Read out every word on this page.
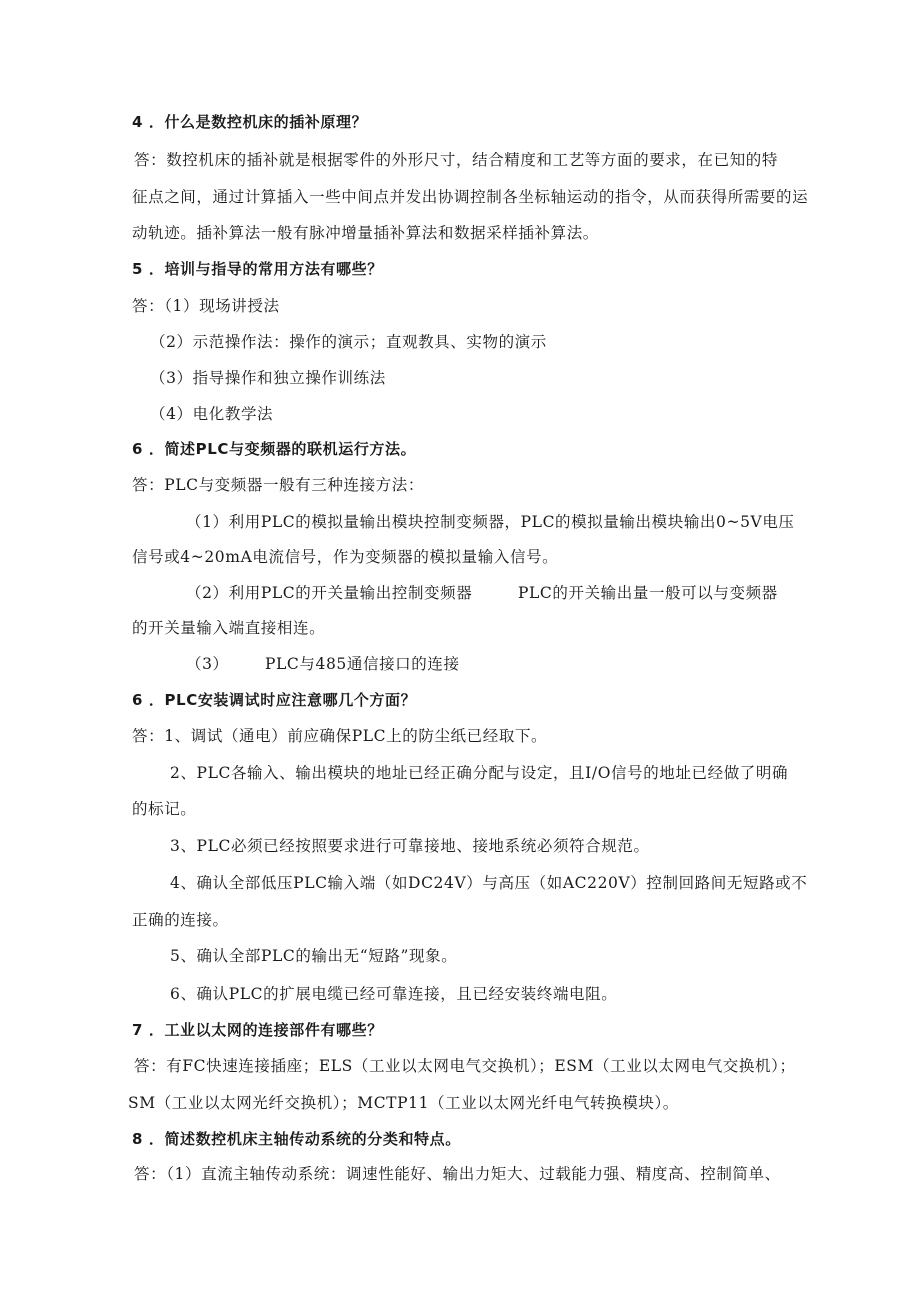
4 ．什么是数控机床的插补原理？
答：数控机床的插补就是根据零件的外形尺寸，结合精度和工艺等方面的要求，在已知的特
征点之间，通过计算插入一些中间点并发出协调控制各坐标轴运动的指令，从而获得所需要的运
动轨迹。插补算法一般有脉冲增量插补算法和数据采样插补算法。
5 ．培训与指导的常用方法有哪些？
答：（1）现场讲授法
（2）示范操作法：操作的演示；直观教具、实物的演示
（3）指导操作和独立操作训练法
（4）电化教学法
6 ．简述PLC与变频器的联机运行方法。
答：PLC与变频器一般有三种连接方法：
（1）利用PLC的模拟量输出模块控制变频器，PLC的模拟量输出模块输出0~5V电压
信号或4~20mA电流信号，作为变频器的模拟量输入信号。
（2）利用PLC的开关量输出控制变频器	PLC的开关输出量一般可以与变频器
的开关量输入端直接相连。
（3） PLC与485通信接口的连接
6 ．PLC安装调试时应注意哪几个方面？
答：1、调试（通电）前应确保PLC上的防尘纸已经取下。
2、PLC各输入、输出模块的地址已经正确分配与设定，且I/O信号的地址已经做了明确
的标记。
3、PLC必须已经按照要求进行可靠接地、接地系统必须符合规范。
4、确认全部低压PLC输入端（如DC24V）与高压（如AC220V）控制回路间无短路或不
正确的连接。
5、确认全部PLC的输出无“短路”现象。
6、确认PLC的扩展电缆已经可靠连接，且已经安装终端电阻。
7 ．工业以太网的连接部件有哪些？
答：有FC快速连接插座；ELS（工业以太网电气交换机）；ESM（工业以太网电气交换机）；
SM（工业以太网光纤交换机）；MCTP11（工业以太网光纤电气转换模块）。
8 ．简述数控机床主轴传动系统的分类和特点。
答：（1）直流主轴传动系统：调速性能好、输出力矩大、过载能力强、精度高、控制简单、
